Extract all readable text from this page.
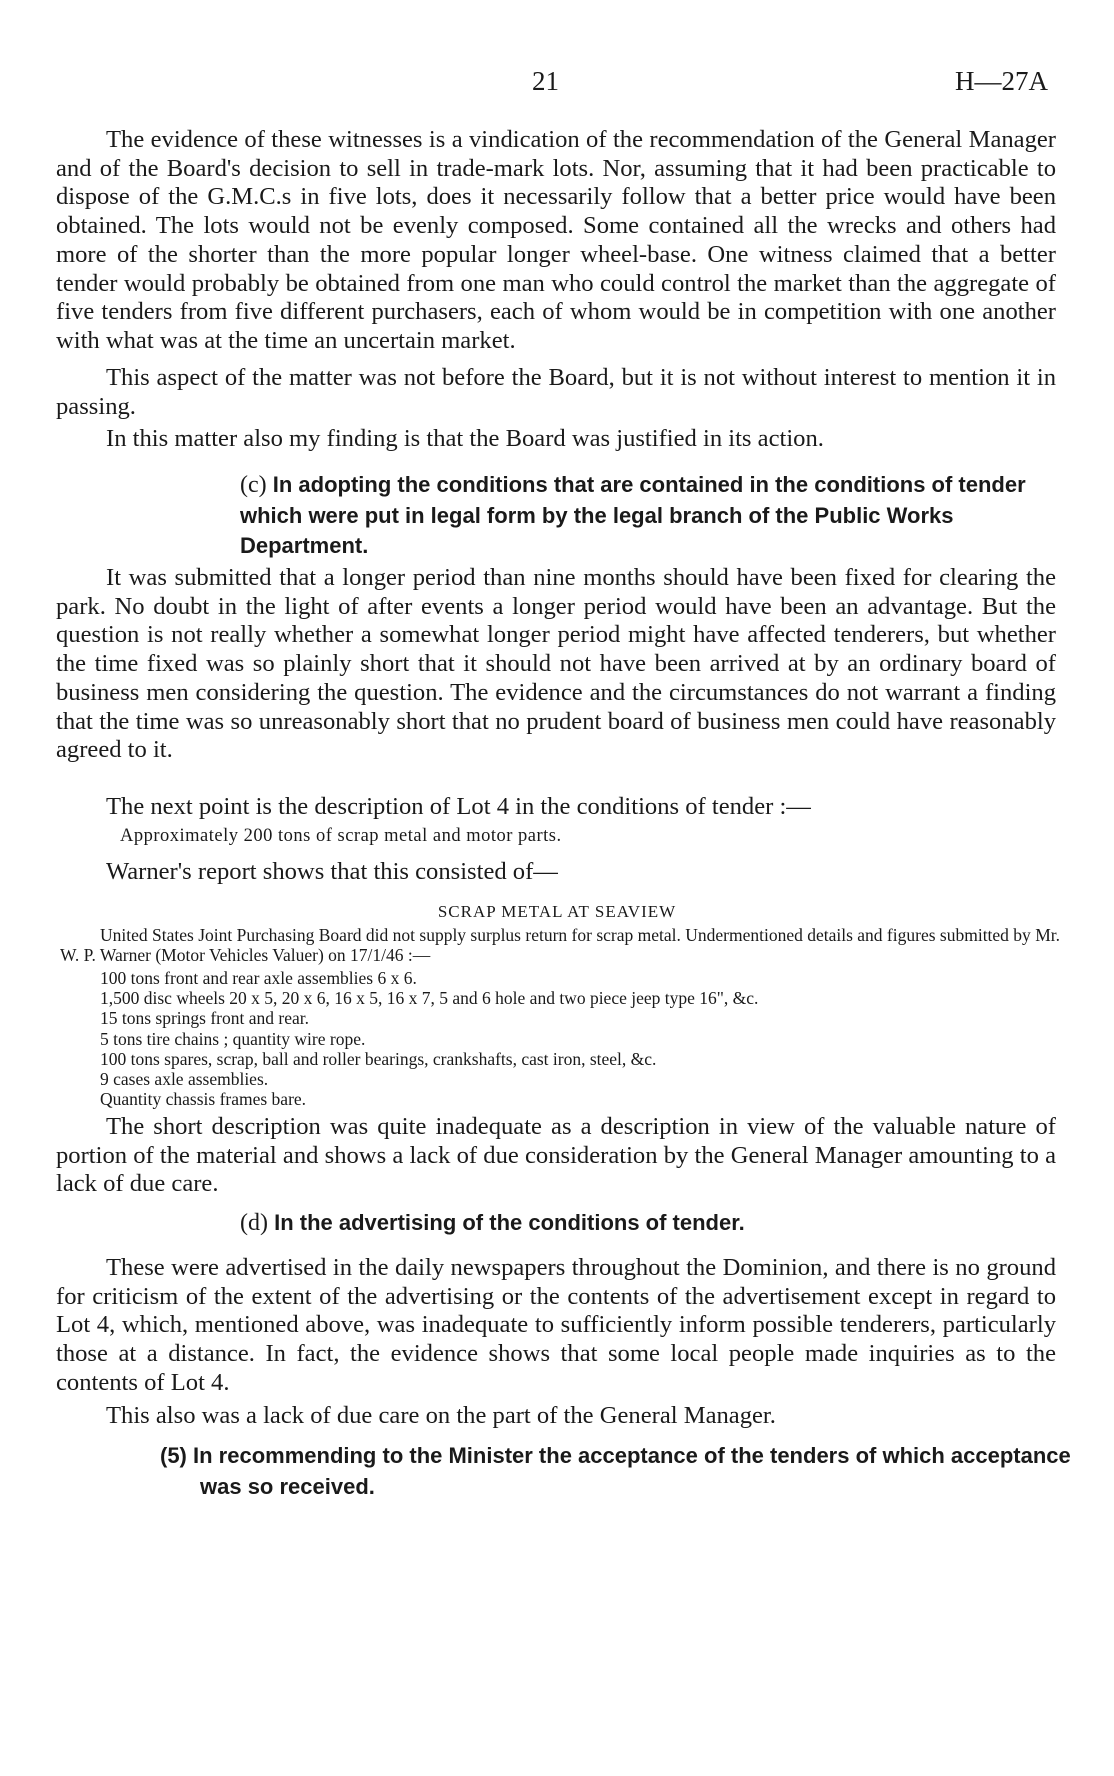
21	H—27A

The evidence of these witnesses is a vindication of the recommendation of the General Manager and of the Board's decision to sell in trade-mark lots. Nor, assuming that it had been practicable to dispose of the G.M.C.s in five lots, does it necessarily follow that a better price would have been obtained. The lots would not be evenly composed. Some contained all the wrecks and others had more of the shorter than the more popular longer wheel-base. One witness claimed that a better tender would probably be obtained from one man who could control the market than the aggregate of five tenders from five different purchasers, each of whom would be in competition with one another with what was at the time an uncertain market.

This aspect of the matter was not before the Board, but it is not without interest to mention it in passing.

In this matter also my finding is that the Board was justified in its action.

(c) In adopting the conditions that are contained in the conditions of tender which were put in legal form by the legal branch of the Public Works Department.

It was submitted that a longer period than nine months should have been fixed for clearing the park. No doubt in the light of after events a longer period would have been an advantage. But the question is not really whether a somewhat longer period might have affected tenderers, but whether the time fixed was so plainly short that it should not have been arrived at by an ordinary board of business men considering the question. The evidence and the circumstances do not warrant a finding that the time was so unreasonably short that no prudent board of business men could have reasonably agreed to it.

The next point is the description of Lot 4 in the conditions of tender :—

Approximately 200 tons of scrap metal and motor parts.

Warner's report shows that this consisted of—

SCRAP METAL AT SEAVIEW

United States Joint Purchasing Board did not supply surplus return for scrap metal. Undermentioned details and figures submitted by Mr. W. P. Warner (Motor Vehicles Valuer) on 17/1/46 :—

100 tons front and rear axle assemblies 6 x 6.
1,500 disc wheels 20 x 5, 20 x 6, 16 x 5, 16 x 7, 5 and 6 hole and two piece jeep type 16", &c.
15 tons springs front and rear.
5 tons tire chains ; quantity wire rope.
100 tons spares, scrap, ball and roller bearings, crankshafts, cast iron, steel, &c.
9 cases axle assemblies.
Quantity chassis frames bare.

The short description was quite inadequate as a description in view of the valuable nature of portion of the material and shows a lack of due consideration by the General Manager amounting to a lack of due care.

(d) In the advertising of the conditions of tender.

These were advertised in the daily newspapers throughout the Dominion, and there is no ground for criticism of the extent of the advertising or the contents of the advertisement except in regard to Lot 4, which, mentioned above, was inadequate to sufficiently inform possible tenderers, particularly those at a distance. In fact, the evidence shows that some local people made inquiries as to the contents of Lot 4.

This also was a lack of due care on the part of the General Manager.

(5) In recommending to the Minister the acceptance of the tenders of which acceptance was so received.
